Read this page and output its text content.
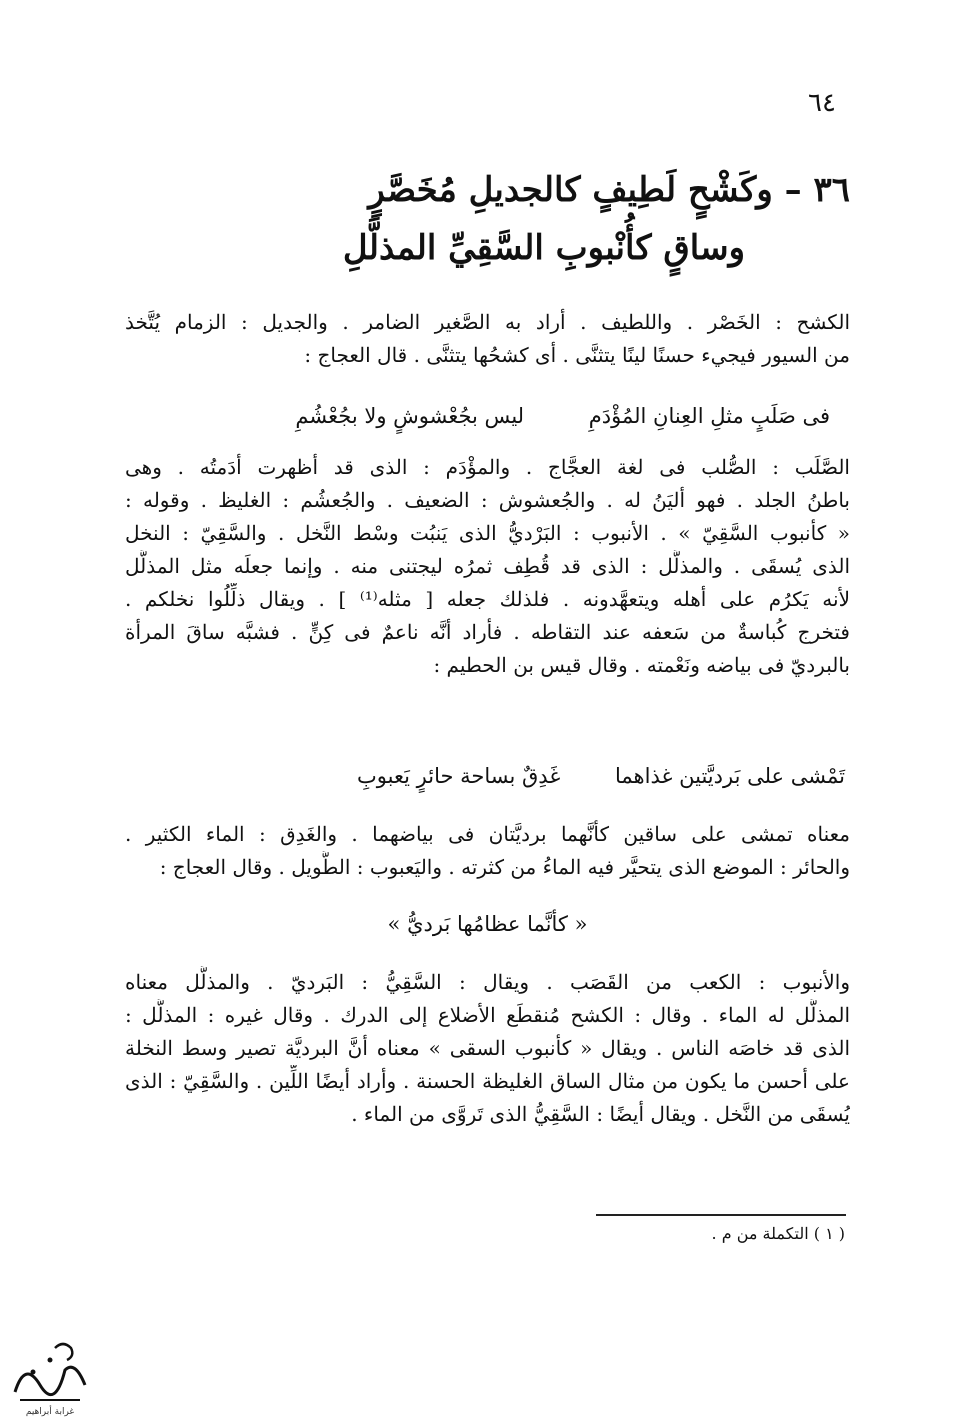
٦٤
٣٦ – وكَشْحٍ لَطِيفٍ كالجديلِ مُخَصَّرٍ
وساقٍ كأُنْبوبِ السَّقِيِّ المذلَّلِ
الكشح : الخَصْر . واللطيف . أراد به الصَّغير الضامر . والجديل : الزمام يُتَّخذ
من السيور فيجيء حسنًا لينًا يتثنَّى . أى كشحُها يتثنَّى . قال العجاج :
فى صَلَبٍ مثلِ العِنانِ المُؤْدَمِ ليس بجُعْشوشٍ ولا بجُعْشُمِ
الصَّلَب : الصُّلب فى لغة العجَّاج . والمؤْدَم : الذى قد أظهرت أدَمتُه . وهى
باطنُ الجلد . فهو أليَنُ له . والجُعشوش : الضعيف . والجُعشُم : الغليظ . وقوله :
« كأنبوب السَّقِيّ » . الأنبوب : البَرْديُّ الذى يَنبُت وسْط النَّخل . والسَّقِيّ : النخل
الذى يُسقَى . والمذلَّل : الذى قد قُطِف ثمرُه ليجتنى منه . وإنما جعلَه مثل المذلَّل
لأنه يَكرُم على أهله ويتعهَّدونه . فلذلك جعله [ مثله⁽¹⁾ ] . ويقال ذلِّلُوا نخلكم .
فتخرج كُباسةٌ من سَعفه عند التقاطه . فأراد أنَّه ناعمٌ فى كِنٍّ . فشبَّه ساقَ المرأة
بالبرديّ فى بياضه ونَعْمته . وقال قيس بن الحطيم :
تَمْشى على بَرديَّتين غذاهما غَدِقٌ بساحة حائرٍ يَعبوبِ
معناه تمشى على ساقين كأنَّهما برديَّتان فى بياضهما . والغَدِق : الماء الكثير .
والحائر : الموضع الذى يتحيَّر فيه الماءُ من كثرته . واليَعبوب : الطَّويل . وقال العجاج :
« كأنَّما عظامُها بَرديُّ »
والأنبوب : الكعب من القَصَب . ويقال : السَّقِيُّ : البَرديّ . والمذلَّل معناه
المذلَّل له الماء . وقال : الكشح مُنقطَع الأضلاع إلى الدرك . وقال غيره : المذلَّل :
الذى قد خاصَه الناس . ويقال « كأنبوب السقى » معناه أنَّ البرديَّة تصير وسط النخلة
على أحسن ما يكون من مثال الساق الغليظة الحسنة . وأراد أيضًا اللِّين . والسَّقِيّ : الذى
يُسقَى من النَّخل . ويقال أيضًا : السَّقِيُّ الذى تَروَّى من الماء .
( ١ ) التكملة من م .
غرابة أبراهيم
